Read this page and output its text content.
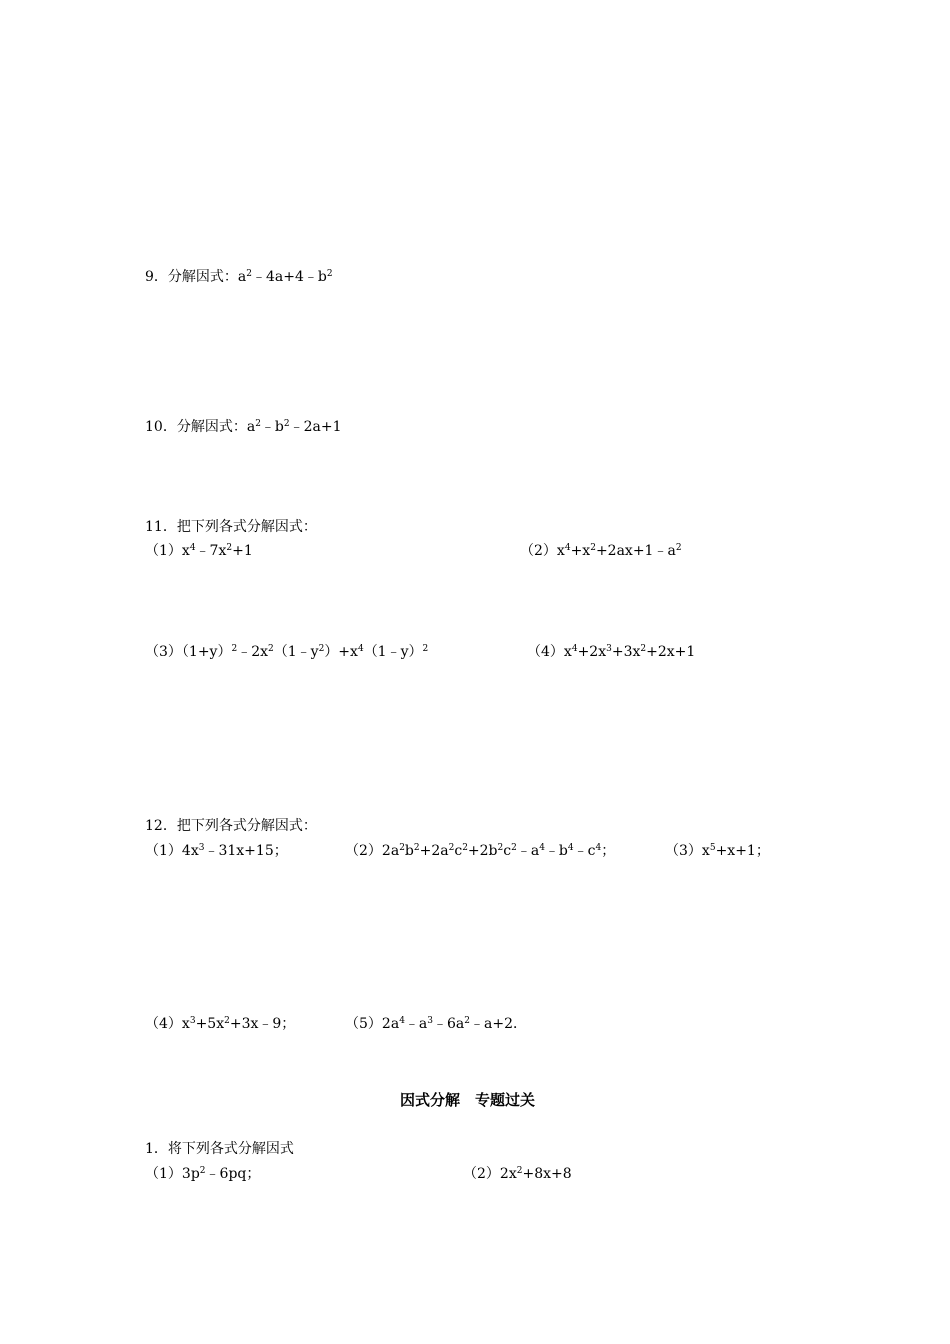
9．分解因式：$a^2﹣4a+4﹣b^2$
10．分解因式：$a^2﹣b^2﹣2a+1$
11．把下列各式分解因式：
$(1)x^4﹣7x^2+1$	$(2)x^4+x^2+2ax+1﹣a^2$
$(3)(1+y)^2﹣2x^2(1﹣y^2)+x^4(1﹣y)^2$	$(4)x^4+2x^3+3x^2+2x+1$
12．把下列各式分解因式：
$(1)4x^3﹣31x+15$；	$(2)2a^2b^2+2a^2c^2+2b^2c^2﹣a^4﹣b^4﹣c^4$；	$(3)x^5+x+1$；
$(4)x^3+5x^2+3x﹣9$；	$(5)2a^4﹣a^3﹣6a^2﹣a+2$．
因式分解　专题过关
1．将下列各式分解因式
$(1)3p^2﹣6pq$；	$(2)2x^2+8x+8$
